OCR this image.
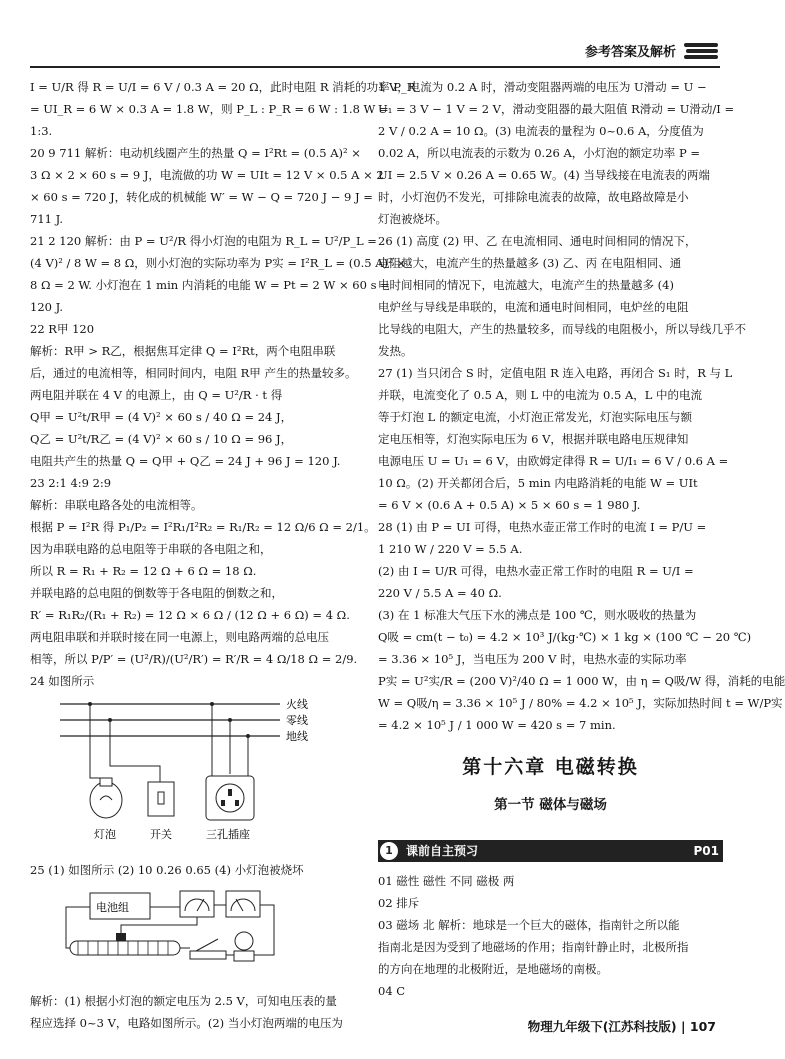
参考答案及解析
I = U/R 得 R = U/I = 6 V / 0.3 A = 20 Ω，此时电阻 R 消耗的功率 P_R
= UI_R = 6 W × 0.3 A = 1.8 W，则 P_L : P_R = 6 W : 1.8 W =
1:3.
20 9 711 解析：电动机线圈产生的热量 Q = I²Rt = (0.5 A)² ×
3 Ω × 2 × 60 s = 9 J，电流做的功 W = UIt = 12 V × 0.5 A × 2
× 60 s = 720 J，转化成的机械能 W′ = W − Q = 720 J − 9 J =
711 J.
21 2 120 解析：由 P = U²/R 得小灯泡的电阻为 R_L = U²/P_L =
(4 V)² / 8 W = 8 Ω，则小灯泡的实际功率为 P实 = I²R_L = (0.5 A)² ×
8 Ω = 2 W. 小灯泡在 1 min 内消耗的电能 W = Pt = 2 W × 60 s =
120 J.
22 R甲 120
解析：R甲 > R乙，根据焦耳定律 Q = I²Rt，两个电阻串联
后，通过的电流相等，相同时间内，电阻 R甲 产生的热量较多。
两电阻并联在 4 V 的电源上，由 Q = U²/R · t 得
Q甲 = U²t/R甲 = (4 V)² × 60 s / 40 Ω = 24 J，
Q乙 = U²t/R乙 = (4 V)² × 60 s / 10 Ω = 96 J，
电阻共产生的热量 Q = Q甲 + Q乙 = 24 J + 96 J = 120 J.
23 2:1 4:9 2:9
解析：串联电路各处的电流相等。
根据 P = I²R 得 P₁/P₂ = I²R₁/I²R₂ = R₁/R₂ = 12 Ω/6 Ω = 2/1。
因为串联电路的总电阻等于串联的各电阻之和，
所以 R = R₁ + R₂ = 12 Ω + 6 Ω = 18 Ω.
并联电路的总电阻的倒数等于各电阻的倒数之和，
R′ = R₁R₂/(R₁ + R₂) = 12 Ω × 6 Ω / (12 Ω + 6 Ω) = 4 Ω.
两电阻串联和并联时接在同一电源上，则电路两端的总电压
相等，所以 P/P′ = (U²/R)/(U²/R′) = R′/R = 4 Ω/18 Ω = 2/9.
24 如图所示
火线
零线
地线
灯泡	开关	三孔插座
25 (1) 如图所示 (2) 10 0.26 0.65 (4) 小灯泡被烧坏
电池组
解析：(1) 根据小灯泡的额定电压为 2.5 V，可知电压表的量
程应选择 0~3 V，电路如图所示。(2) 当小灯泡两端的电压为
1 V，电流为 0.2 A 时，滑动变阻器两端的电压为 U滑动 = U −
U₁ = 3 V − 1 V = 2 V，滑动变阻器的最大阻值 R滑动 = U滑动/I =
2 V / 0.2 A = 10 Ω。(3) 电流表的量程为 0~0.6 A，分度值为
0.02 A，所以电流表的示数为 0.26 A，小灯泡的额定功率 P =
UI = 2.5 V × 0.26 A = 0.65 W。(4) 当导线接在电流表的两端
时，小灯泡仍不发光，可排除电流表的故障，故电路故障是小
灯泡被烧坏。
26 (1) 高度 (2) 甲、乙 在电流相同、通电时间相同的情况下，
电阻越大，电流产生的热量越多 (3) 乙、丙 在电阻相同、通
电时间相同的情况下，电流越大，电流产生的热量越多 (4)
电炉丝与导线是串联的，电流和通电时间相同，电炉丝的电阻
比导线的电阻大，产生的热量较多，而导线的电阻极小，所以导线几乎不
发热。
27 (1) 当只闭合 S 时，定值电阻 R 连入电路，再闭合 S₁ 时，R 与 L
并联，电流变化了 0.5 A，则 L 中的电流为 0.5 A，L 中的电流
等于灯泡 L 的额定电流，小灯泡正常发光，灯泡实际电压与额
定电压相等，灯泡实际电压为 6 V，根据并联电路电压规律知
电源电压 U = U₁ = 6 V，由欧姆定律得 R = U/I₁ = 6 V / 0.6 A =
10 Ω。(2) 开关都闭合后，5 min 内电路消耗的电能 W = UIt
= 6 V × (0.6 A + 0.5 A) × 5 × 60 s = 1 980 J.
28 (1) 由 P = UI 可得，电热水壶正常工作时的电流 I = P/U =
1 210 W / 220 V = 5.5 A.
(2) 由 I = U/R 可得，电热水壶正常工作时的电阻 R = U/I =
220 V / 5.5 A = 40 Ω.
(3) 在 1 标准大气压下水的沸点是 100 ℃，则水吸收的热量为
Q吸 = cm(t − t₀) = 4.2 × 10³ J/(kg·℃) × 1 kg × (100 ℃ − 20 ℃)
= 3.36 × 10⁵ J，当电压为 200 V 时，电热水壶的实际功率
P实 = U²实/R = (200 V)²/40 Ω = 1 000 W，由 η = Q吸/W 得，消耗的电能
W = Q吸/η = 3.36 × 10⁵ J / 80% = 4.2 × 10⁵ J，实际加热时间 t = W/P实
= 4.2 × 10⁵ J / 1 000 W = 420 s = 7 min.
第十六章 电磁转换
第一节 磁体与磁场
1	课前自主预习	P01
01 磁性 磁性 不同 磁极 两
02 排斥
03 磁场 北 解析：地球是一个巨大的磁体，指南针之所以能
指南北是因为受到了地磁场的作用；指南针静止时，北极所指
的方向在地理的北极附近，是地磁场的南极。
04 C
物理九年级下(江苏科技版) | 107
